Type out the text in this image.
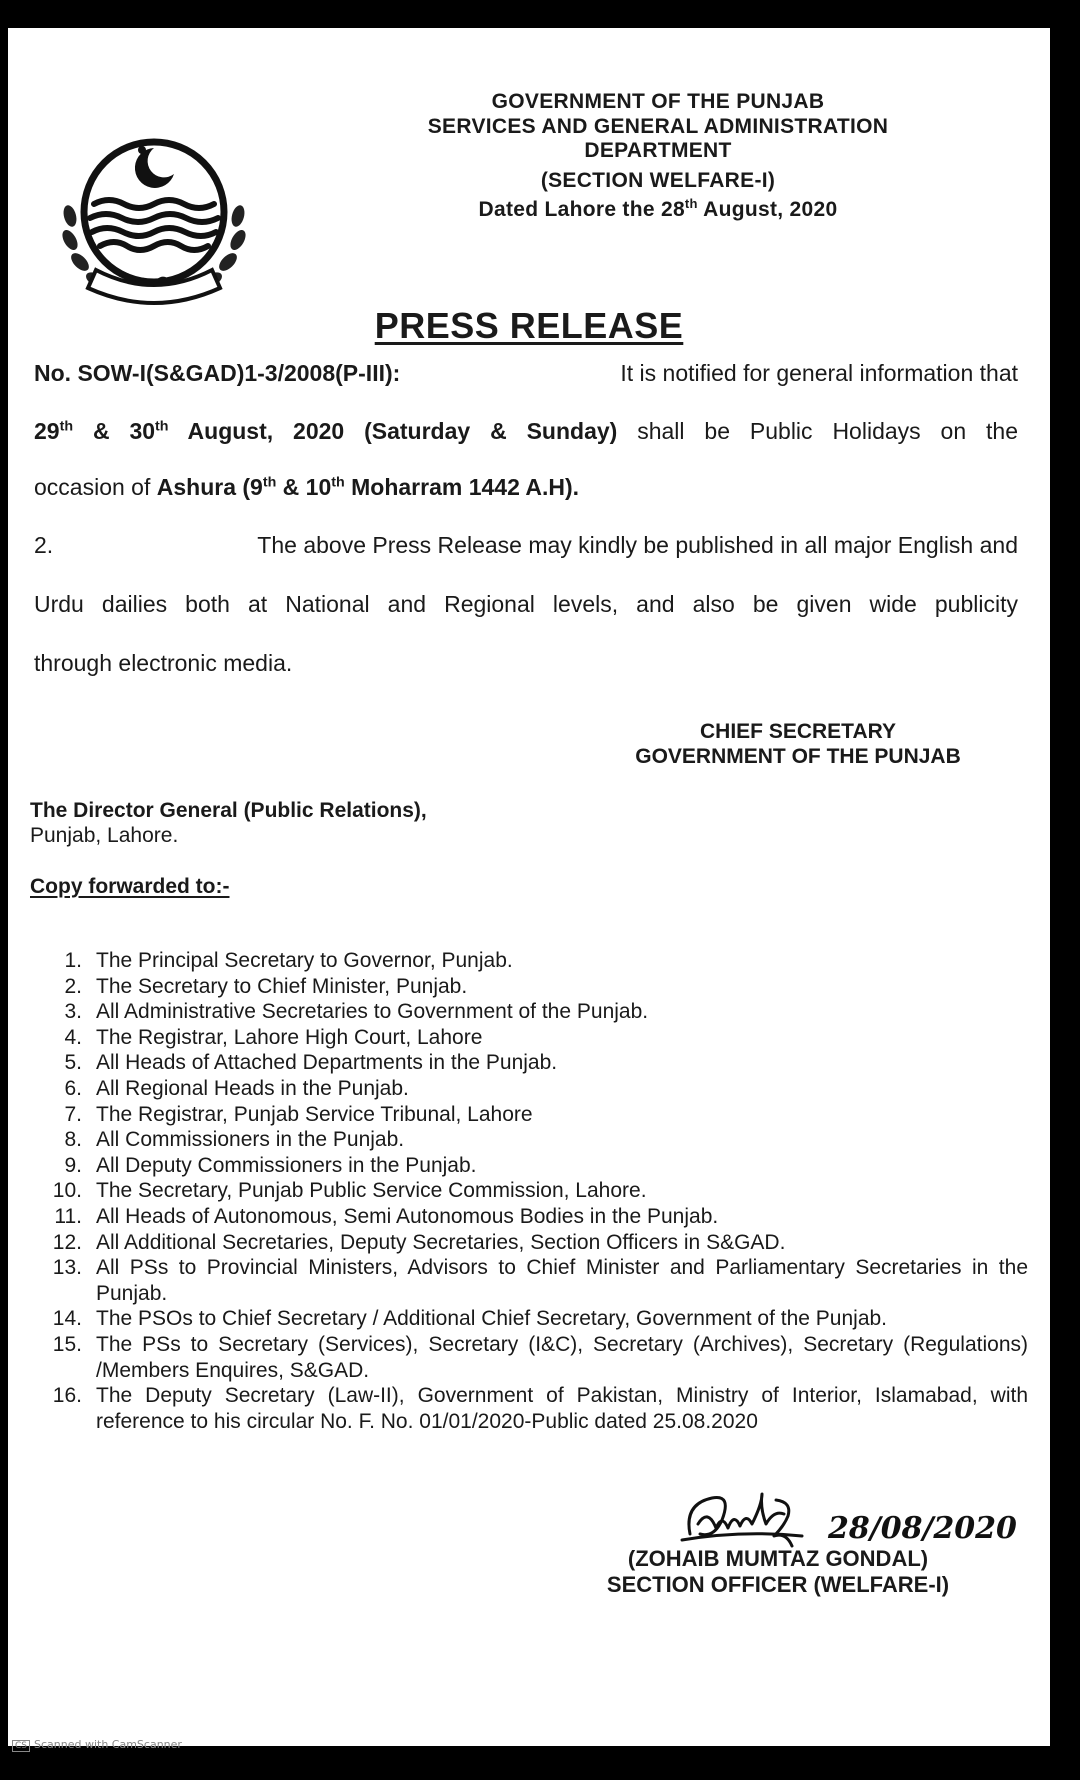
GOVERNMENT OF THE PUNJAB
SERVICES AND GENERAL ADMINISTRATION
DEPARTMENT
(SECTION WELFARE-I)
Dated Lahore the 28th August, 2020
PRESS RELEASE
No. SOW-I(S&GAD)1-3/2008(P-III):	It is notified for general information that
29th & 30th August, 2020 (Saturday & Sunday) shall be Public Holidays on the
occasion of Ashura (9th & 10th Moharram 1442 A.H).
2.	The above Press Release may kindly be published in all major English and
Urdu dailies both at National and Regional levels, and also be given wide publicity
through electronic media.
CHIEF SECRETARY
GOVERNMENT OF THE PUNJAB
The Director General (Public Relations),
Punjab, Lahore.
Copy forwarded to:-
1. The Principal Secretary to Governor, Punjab.
2. The Secretary to Chief Minister, Punjab.
3. All Administrative Secretaries to Government of the Punjab.
4. The Registrar, Lahore High Court, Lahore
5. All Heads of Attached Departments in the Punjab.
6. All Regional Heads in the Punjab.
7. The Registrar, Punjab Service Tribunal, Lahore
8. All Commissioners in the Punjab.
9. All Deputy Commissioners in the Punjab.
10. The Secretary, Punjab Public Service Commission, Lahore.
11. All Heads of Autonomous, Semi Autonomous Bodies in the Punjab.
12. All Additional Secretaries, Deputy Secretaries, Section Officers in S&GAD.
13. All PSs to Provincial Ministers, Advisors to Chief Minister and Parliamentary Secretaries in the Punjab.
14. The PSOs to Chief Secretary / Additional Chief Secretary, Government of the Punjab.
15. The PSs to Secretary (Services), Secretary (I&C), Secretary (Archives), Secretary (Regulations) /Members Enquires, S&GAD.
16. The Deputy Secretary (Law-II), Government of Pakistan, Ministry of Interior, Islamabad, with reference to his circular No. F. No. 01/01/2020-Public dated 25.08.2020
28/08/2020
(ZOHAIB MUMTAZ GONDAL)
SECTION OFFICER (WELFARE-I)
CS Scanned with CamScanner
